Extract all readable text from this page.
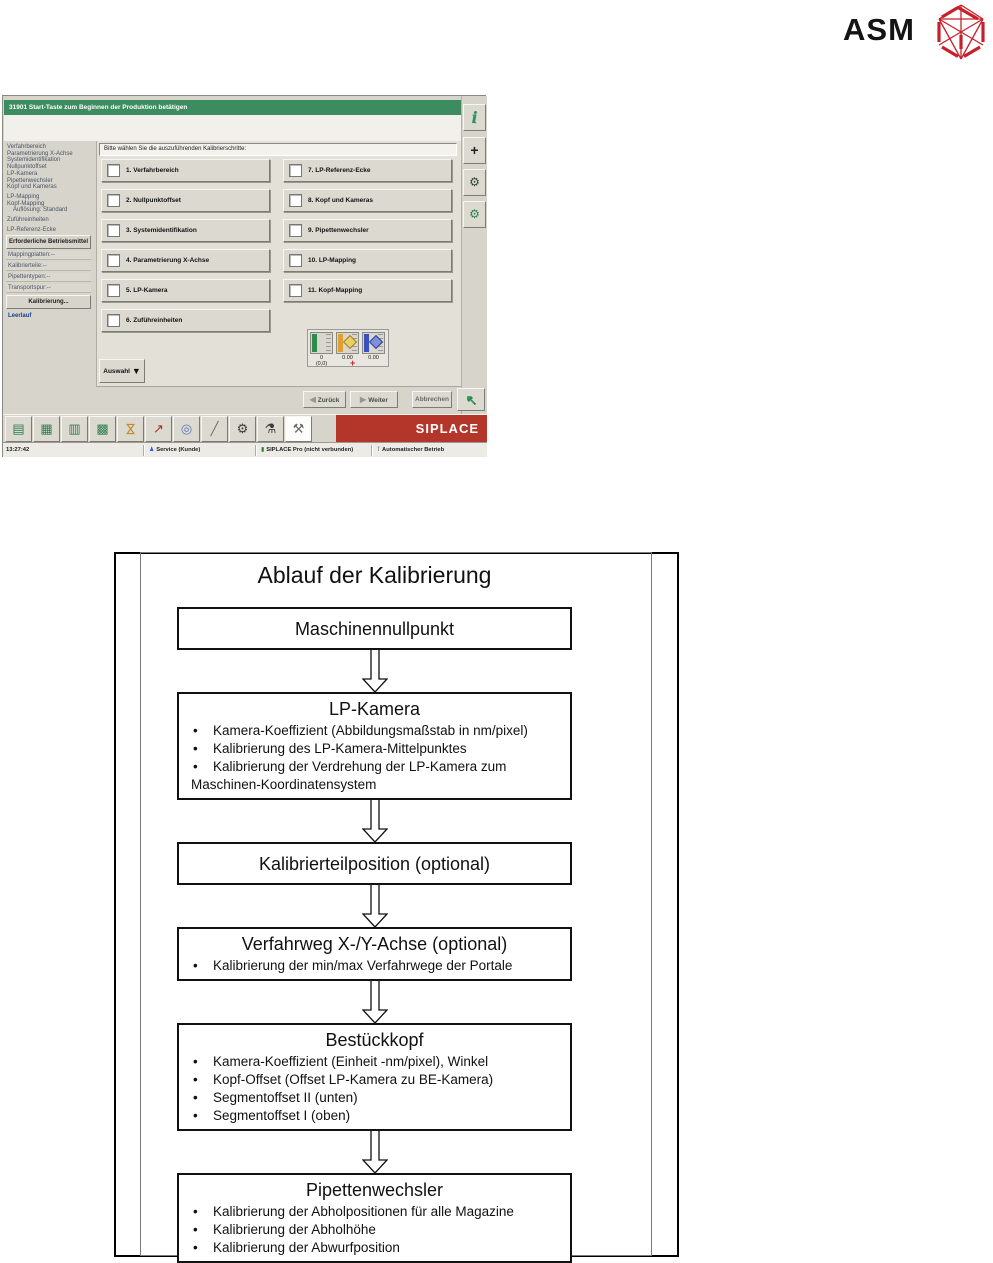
ASM
31901 Start-Taste zum Beginnen der Produktion betätigen
i
+
⚙
⚙
Verfahrbereich
Parametrierung X-Achse
Systemidentifikation
Nullpunktoffset
LP-Kamera
Pipettenwechsler
Kopf und Kameras
LP-Mapping
Kopf-Mapping
Auflösung: Standard
Zuführeinheiten
LP-Referenz-Ecke
Erforderliche Betriebsmittel
Mappingplatten:--
Kalibrierteile:--
Pipettentypen:--
Transportspur:--
Kalibrierung...
Leerlauf
Bitte wählen Sie die auszuführenden Kalibrierschritte:
1. Verfahrbereich
2. Nullpunktoffset
3. Systemidentifikation
4. Parametrierung X-Achse
5. LP-Kamera
6. Zuführeinheiten
7. LP-Referenz-Ecke
8. Kopf und Kameras
9. Pipettenwechsler
10. LP-Mapping
11. Kopf-Mapping
0	0.00	0.00
(0,0)	+
Auswahl ▼
◀ Zurück	▶ Weiter	Abbrechen	↖
▤	▦	▥	▩	⋈	↗	◎	╱	⚙	⚗	⚒	SIPLACE
13:27:42	♟ Service (Kunde)	▮ SIPLACE Pro (nicht verbunden)	⊺ Automatischer Betrieb
Ablauf der Kalibrierung
Maschinennullpunkt
LP-Kamera
• Kamera-Koeffizient (Abbildungsmaßstab in nm/pixel)
• Kalibrierung des LP-Kamera-Mittelpunktes
• Kalibrierung der Verdrehung der LP-Kamera zum
Maschinen-Koordinatensystem
Kalibrierteilposition (optional)
Verfahrweg X-/Y-Achse (optional)
• Kalibrierung der min/max Verfahrwege der Portale
Bestückkopf
• Kamera-Koeffizient (Einheit -nm/pixel), Winkel
• Kopf-Offset (Offset LP-Kamera zu BE-Kamera)
• Segmentoffset II (unten)
• Segmentoffset I (oben)
Pipettenwechsler
• Kalibrierung der Abholpositionen für alle Magazine
• Kalibrierung der Abholhöhe
• Kalibrierung der Abwurfposition
